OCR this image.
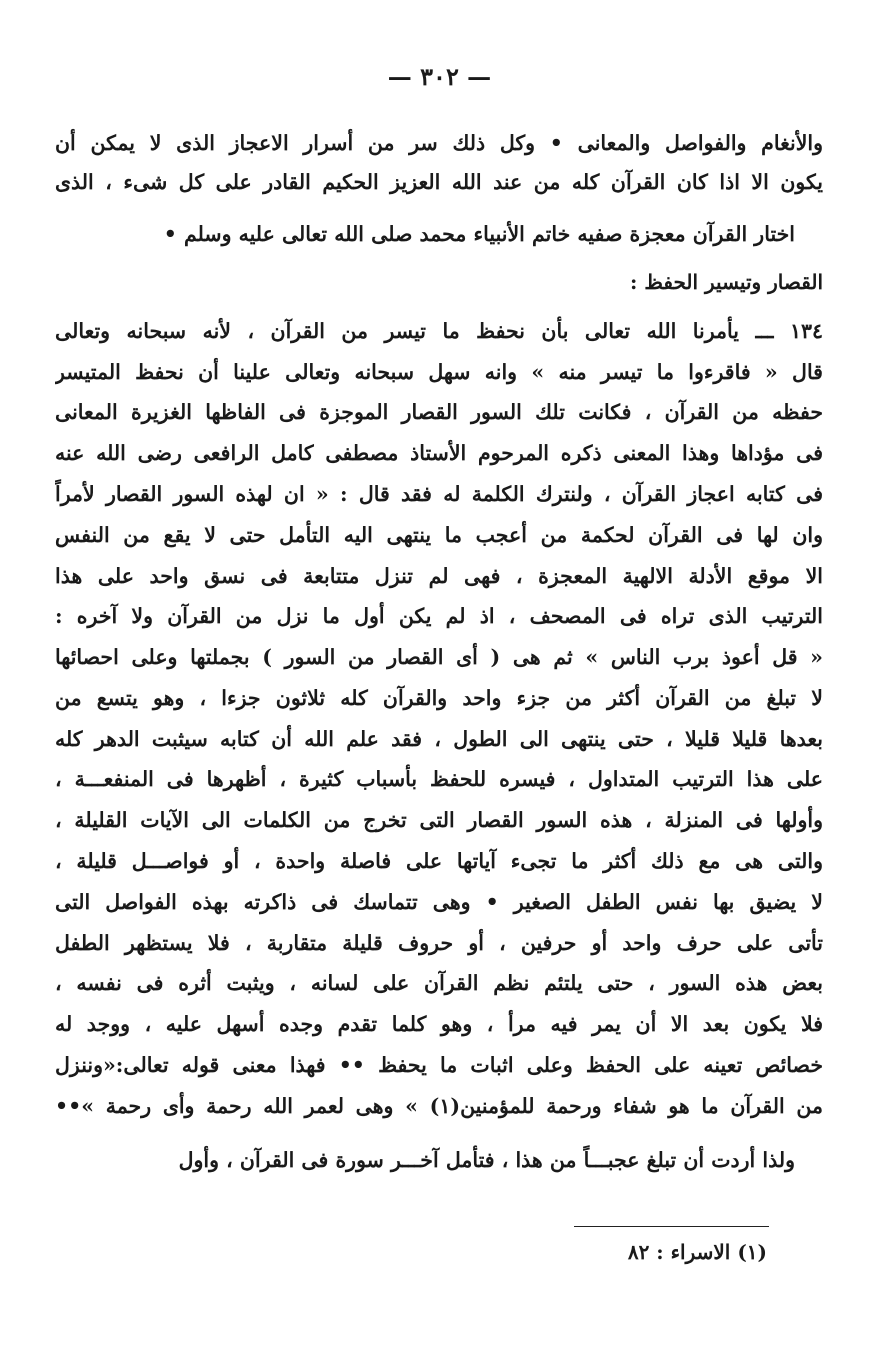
— ٣٠٢ —
والأنغام والفواصل والمعانى • وكل ذلك سر من أسرار الاعجاز الذى لا يمكن أن
يكون الا اذا كان القرآن كله من عند الله العزيز الحكيم القادر على كل شىء ، الذى
اختار القرآن معجزة صفيه خاتم الأنبياء محمد صلى الله تعالى عليه وسلم •
القصار وتيسير الحفظ :
١٣٤ ـــ يأمرنا الله تعالى بأن نحفظ ما تيسر من القرآن ، لأنه سبحانه وتعالى
قال « فاقرءوا ما تيسر منه » وانه سهل سبحانه وتعالى علينا أن نحفظ المتيسر
حفظه من القرآن ، فكانت تلك السور القصار الموجزة فى الفاظها الغزيرة المعانى
فى مؤداها وهذا المعنى ذكره المرحوم الأستاذ مصطفى كامل الرافعى رضى الله عنه
فى كتابه اعجاز القرآن ، ولنترك الكلمة له فقد قال : « ان لهذه السور القصار لأمراً
وان لها فى القرآن لحكمة من أعجب ما ينتهى اليه التأمل حتى لا يقع من النفس
الا موقع الأدلة الالهية المعجزة ، فهى لم تنزل متتابعة فى نسق واحد على هذا
الترتيب الذى تراه فى المصحف ، اذ لم يكن أول ما نزل من القرآن ولا آخره :
« قل أعوذ برب الناس » ثم هى ( أى القصار من السور ) بجملتها وعلى احصائها
لا تبلغ من القرآن أكثر من جزء واحد والقرآن كله ثلاثون جزءا ، وهو يتسع من
بعدها قليلا قليلا ، حتى ينتهى الى الطول ، فقد علم الله أن كتابه سيثبت الدهر كله
على هذا الترتيب المتداول ، فيسره للحفظ بأسباب كثيرة ، أظهرها فى المنفعـــة ،
وأولها فى المنزلة ، هذه السور القصار التى تخرج من الكلمات الى الآيات القليلة ،
والتى هى مع ذلك أكثر ما تجىء آياتها على فاصلة واحدة ، أو فواصـــل قليلة ،
لا يضيق بها نفس الطفل الصغير • وهى تتماسك فى ذاكرته بهذه الفواصل التى
تأتى على حرف واحد أو حرفين ، أو حروف قليلة متقاربة ، فلا يستظهر الطفل
بعض هذه السور ، حتى يلتئم نظم القرآن على لسانه ، ويثبت أثره فى نفسه ،
فلا يكون بعد الا أن يمر فيه مرأ ، وهو كلما تقدم وجده أسهل عليه ، ووجد له
خصائص تعينه على الحفظ وعلى اثبات ما يحفظ •• فهذا معنى قوله تعالى:«وننزل
من القرآن ما هو شفاء ورحمة للمؤمنين(١) » وهى لعمر الله رحمة وأى رحمة »••
ولذا أردت أن تبلغ عجبـــاً من هذا ، فتأمل آخـــر سورة فى القرآن ، وأول
(١) الاسراء : ٨٢
